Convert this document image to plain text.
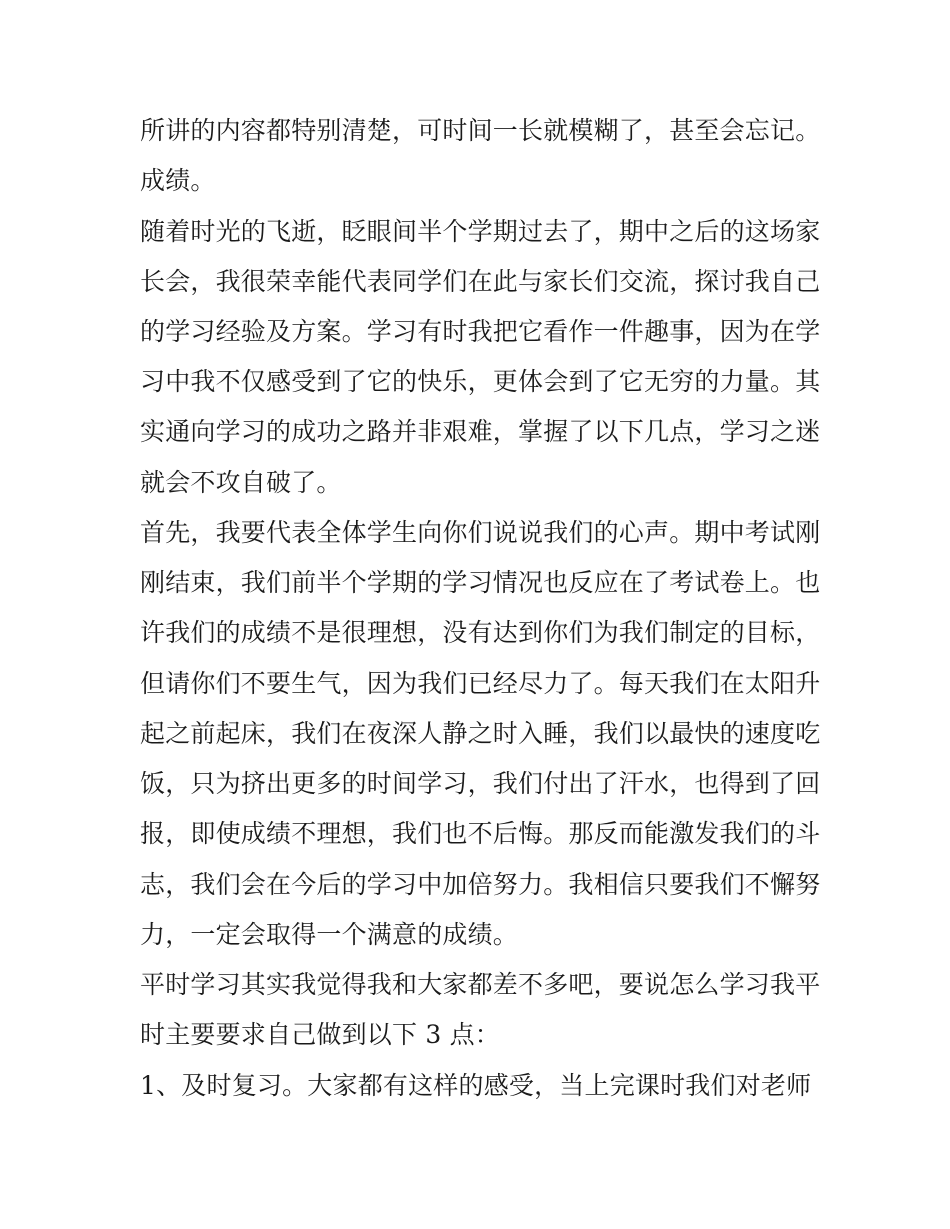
所讲的内容都特别清楚，可时间一长就模糊了，甚至会忘记。
成绩。
随着时光的飞逝，眨眼间半个学期过去了，期中之后的这场家
长会，我很荣幸能代表同学们在此与家长们交流，探讨我自己
的学习经验及方案。学习有时我把它看作一件趣事，因为在学
习中我不仅感受到了它的快乐，更体会到了它无穷的力量。其
实通向学习的成功之路并非艰难，掌握了以下几点，学习之迷
就会不攻自破了。
首先，我要代表全体学生向你们说说我们的心声。期中考试刚
刚结束，我们前半个学期的学习情况也反应在了考试卷上。也
许我们的成绩不是很理想，没有达到你们为我们制定的目标，
但请你们不要生气，因为我们已经尽力了。每天我们在太阳升
起之前起床，我们在夜深人静之时入睡，我们以最快的速度吃
饭，只为挤出更多的时间学习，我们付出了汗水，也得到了回
报，即使成绩不理想，我们也不后悔。那反而能激发我们的斗
志，我们会在今后的学习中加倍努力。我相信只要我们不懈努
力，一定会取得一个满意的成绩。
平时学习其实我觉得我和大家都差不多吧，要说怎么学习我平
时主要要求自己做到以下 3 点：
1、及时复习。大家都有这样的感受，当上完课时我们对老师
